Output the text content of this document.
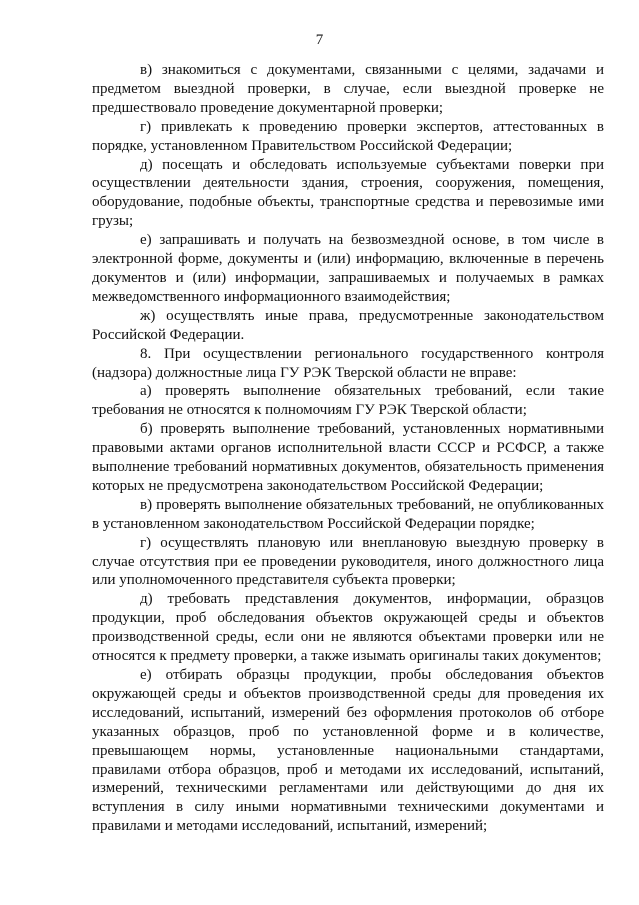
7

в) знакомиться с документами, связанными с целями, задачами и предметом выездной проверки, в случае, если выездной проверке не предшествовало проведение документарной проверки;

г) привлекать к проведению проверки экспертов, аттестованных в порядке, установленном Правительством Российской Федерации;

д) посещать и обследовать используемые субъектами поверки при осуществлении деятельности здания, строения, сооружения, помещения, оборудование, подобные объекты, транспортные средства и перевозимые ими грузы;

е) запрашивать и получать на безвозмездной основе, в том числе в электронной форме, документы и (или) информацию, включенные в перечень документов и (или) информации, запрашиваемых и получаемых в рамках межведомственного информационного взаимодействия;

ж) осуществлять иные права, предусмотренные законодательством Российской Федерации.

8. При осуществлении регионального государственного контроля (надзора) должностные лица ГУ РЭК Тверской области не вправе:

а) проверять выполнение обязательных требований, если такие требования не относятся к полномочиям ГУ РЭК Тверской области;

б) проверять выполнение требований, установленных нормативными правовыми актами органов исполнительной власти СССР и РСФСР, а также выполнение требований нормативных документов, обязательность применения которых не предусмотрена законодательством Российской Федерации;

в) проверять выполнение обязательных требований, не опубликованных в установленном законодательством Российской Федерации порядке;

г) осуществлять плановую или внеплановую выездную проверку в случае отсутствия при ее проведении руководителя, иного должностного лица или уполномоченного представителя субъекта проверки;

д) требовать представления документов, информации, образцов продукции, проб обследования объектов окружающей среды и объектов производственной среды, если они не являются объектами проверки или не относятся к предмету проверки, а также изымать оригиналы таких документов;

е) отбирать образцы продукции, пробы обследования объектов окружающей среды и объектов производственной среды для проведения их исследований, испытаний, измерений без оформления протоколов об отборе указанных образцов, проб по установленной форме и в количестве, превышающем нормы, установленные национальными стандартами, правилами отбора образцов, проб и методами их исследований, испытаний, измерений, техническими регламентами или действующими до дня их вступления в силу иными нормативными техническими документами и правилами и методами исследований, испытаний, измерений;
